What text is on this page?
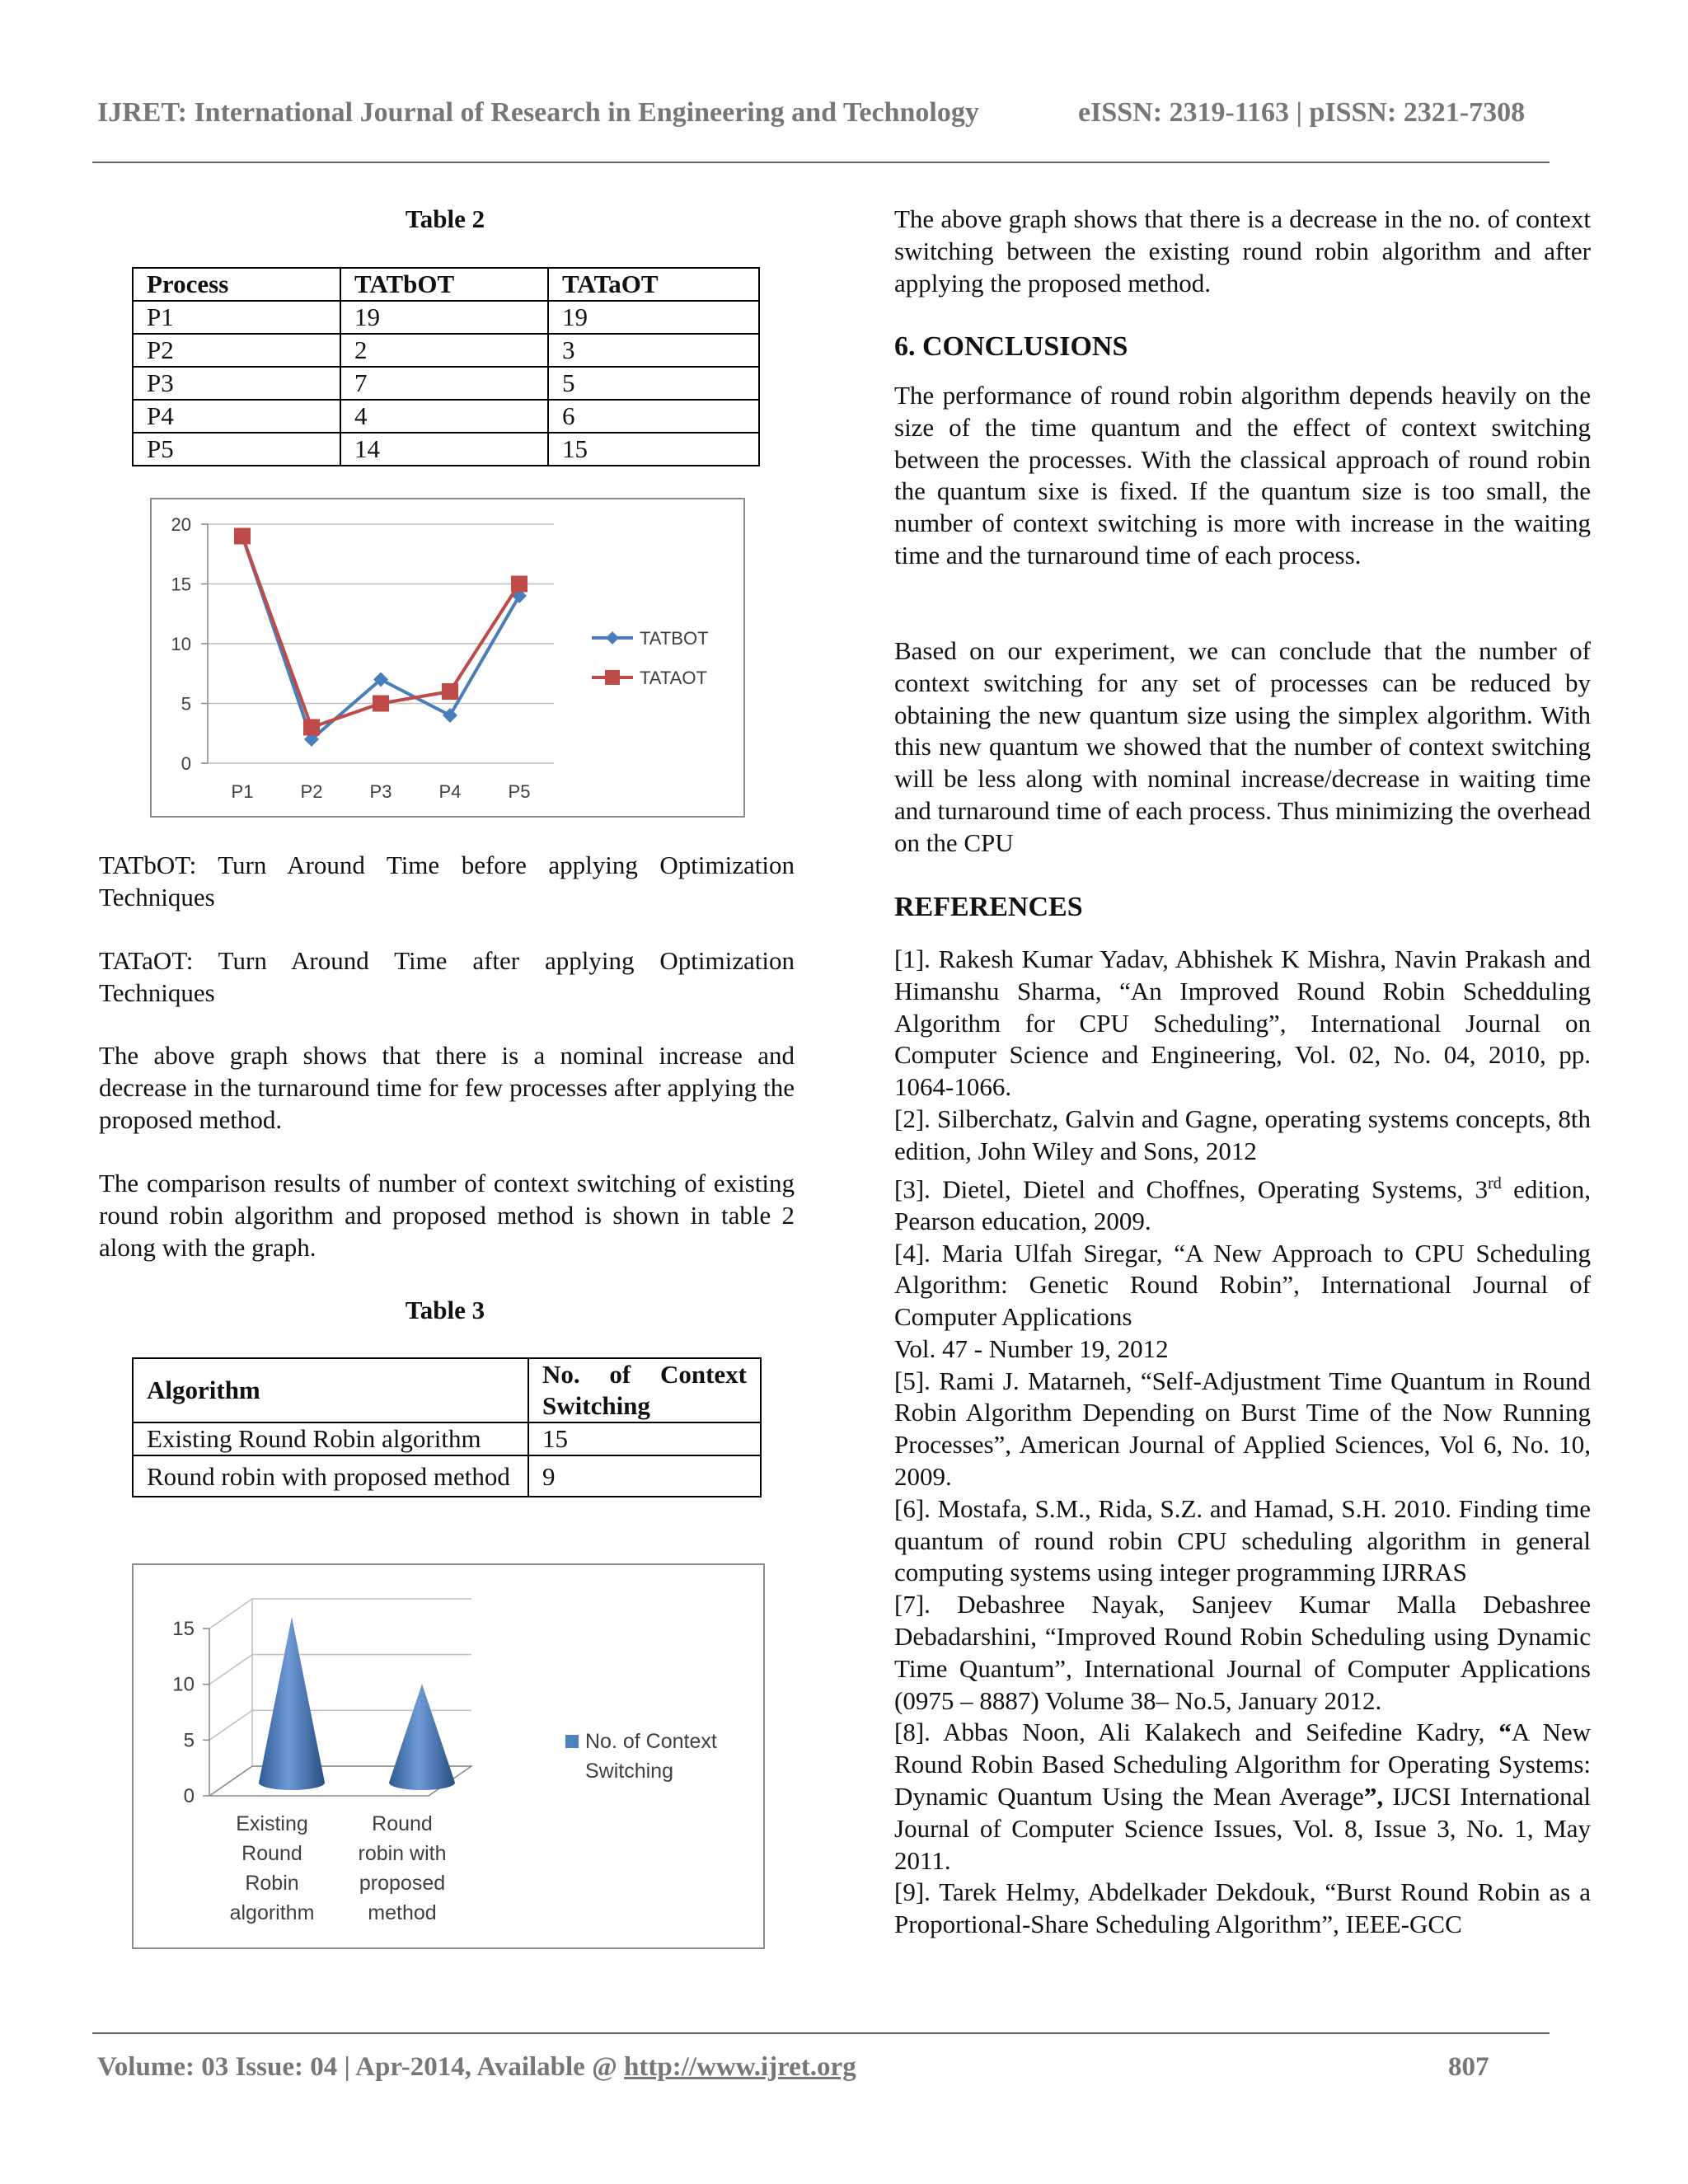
IJRET: International Journal of Research in Engineering and Technology	eISSN: 2319-1163 | pISSN: 2321-7308
Table 2
Process	TATbOT	TATaOT
P1	19	19
P2	2	3
P3	7	5
P4	4	6
P5	14	15
0
5
10
15
20
P1	P2	P3	P4	P5
TATBOT
TATAOT
TATbOT: Turn Around Time before applying Optimization Techniques
TATaOT: Turn Around Time after applying Optimization Techniques
The above graph shows that there is a nominal increase and decrease in the turnaround time for few processes after applying the proposed method.
The comparison results of number of context switching of existing round robin algorithm and proposed method is shown in table 2 along with the graph.
Table 3
Algorithm	No. of Context Switching
Existing Round Robin algorithm	15
Round robin with proposed method	9
0
5
10
15
Existing
Round
Robin
algorithm
Round
robin with
proposed
method
No. of Context
Switching
The above graph shows that there is a decrease in the no. of context switching between the existing round robin algorithm and after applying the proposed method.
6. CONCLUSIONS
The performance of round robin algorithm depends heavily on the size of the time quantum and the effect of context switching between the processes. With the classical approach of round robin the quantum sixe is fixed. If the quantum size is too small, the number of context switching is more with increase in the waiting time and the turnaround time of each process.
Based on our experiment, we can conclude that the number of context switching for any set of processes can be reduced by obtaining the new quantum size using the simplex algorithm. With this new quantum we showed that the number of context switching will be less along with nominal increase/decrease in waiting time and turnaround time of each process. Thus minimizing the overhead on the CPU
REFERENCES

[1]. Rakesh Kumar Yadav, Abhishek K Mishra, Navin Prakash and Himanshu Sharma, “An Improved Round Robin Schedduling Algorithm for CPU Scheduling”, International Journal on Computer Science and Engineering, Vol. 02, No. 04, 2010, pp. 1064-1066.

[2]. Silberchatz, Galvin and Gagne, operating systems concepts, 8th edition, John Wiley and Sons, 2012

[3]. Dietel, Dietel and Choffnes, Operating Systems, 3rd edition, Pearson education, 2009.

[4]. Maria Ulfah Siregar, “A New Approach to CPU Scheduling Algorithm: Genetic Round Robin”, International Journal of Computer Applications

Vol. 47 - Number 19, 2012

[5]. Rami J. Matarneh, “Self-Adjustment Time Quantum in Round Robin Algorithm Depending on Burst Time of the Now Running Processes”, American Journal of Applied Sciences, Vol 6, No. 10, 2009.

[6]. Mostafa, S.M., Rida, S.Z. and Hamad, S.H. 2010. Finding time quantum of round robin CPU scheduling algorithm in general computing systems using integer programming IJRRAS

[7]. Debashree Nayak, Sanjeev Kumar Malla Debashree Debadarshini, “Improved Round Robin Scheduling using Dynamic Time Quantum”, International Journal of Computer Applications (0975 – 8887) Volume 38– No.5, January 2012.

[8]. Abbas Noon, Ali Kalakech and Seifedine Kadry, “A New Round Robin Based Scheduling Algorithm for Operating Systems: Dynamic Quantum Using the Mean Average”, IJCSI International Journal of Computer Science Issues, Vol. 8, Issue 3, No. 1, May 2011.

[9]. Tarek Helmy, Abdelkader Dekdouk, “Burst Round Robin as a Proportional-Share Scheduling Algorithm”, IEEE-GCC

Volume: 03 Issue: 04 | Apr-2014, Available @ http://www.ijret.org	807
